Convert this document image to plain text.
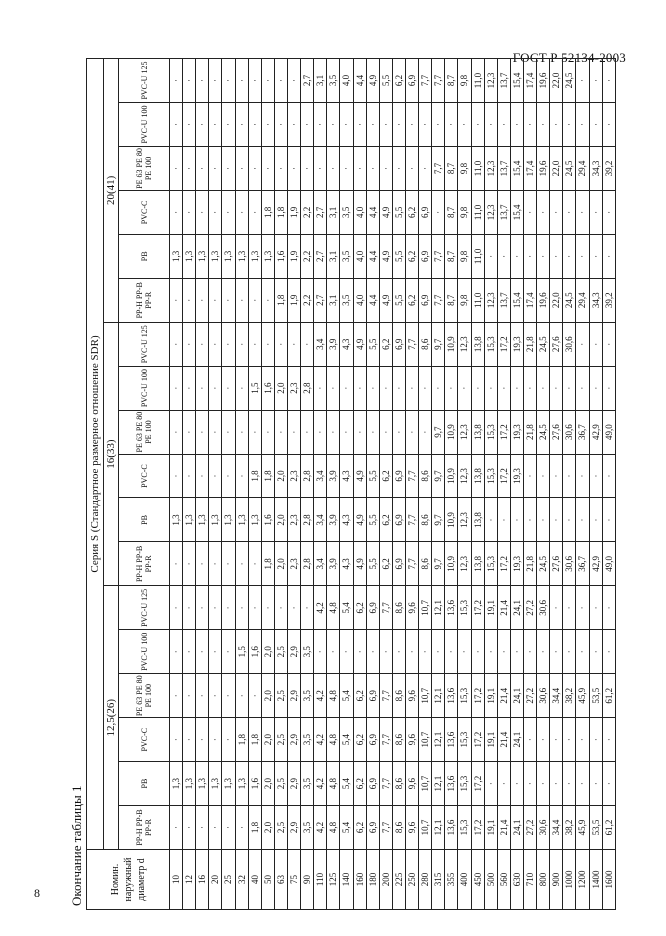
ГОСТ Р 52134-2003
Окончание таблицы 1	Номин. наружный диаметр d	Серия S (Стандартное размерное отношение SDR)																	
	12,5(26)						16(33)						20(41)					
	PP-H PP-B PP-R	PB	PVC-C	PE 63 PE 80 PE 100	PVC-U 100	PVC-U 125	PP-H PP-B PP-R	PB	PVC-C	PE 63 PE 80 PE 100	PVC-U 100	PVC-U 125	PP-H PP-B PP-R	PB	PVC-C	PE 63 PE 80 PE 100	PVC-U 100	PVC-U 125
10	·	1,3	·	·	·	·	·	1,3	·	·	·	·	·	1,3	·	·	·	·
12	·	1,3	·	·	·	·	·	1,3	·	·	·	·	·	1,3	·	·	·	·
16	·	1,3	·	·	·	·	·	1,3	·	·	·	·	·	1,3	·	·	·	·
20	·	1,3	·	·	·	·	·	1,3	·	·	·	·	·	1,3	·	·	·	·
25	·	1,3	·	·	·	·	·	1,3	·	·	·	·	·	1,3	·	·	·	·
32	·	1,3	1,8	·	1,5	·	·	1,3	·	·	·	·	·	1,3	·	·	·	·
40	1,8	1,6	1,8	·	1,6	·	·	1,3	1,8	·	1,5	·	·	1,3	·	·	·	·
50	2,0	2,0	2,0	2,0	2,0	·	1,8	1,6	1,8	·	1,6	·	·	1,3	1,8	·	·	·
63	2,5	2,5	2,5	2,5	2,5	·	2,0	2,0	2,0	·	2,0	·	1,8	1,6	1,8	·	·	·
75	2,9	2,9	2,9	2,9	2,9	·	2,3	2,3	2,3	·	2,3	·	1,9	1,9	1,9	·	·	·
90	3,5	3,5	3,5	3,5	3,5	·	2,8	2,8	2,8	·	2,8	·	2,2	2,2	2,2	·	·	2,7
110	4,2	4,2	4,2	4,2	·	4,2	3,4	3,4	3,4	·	·	3,4	2,7	2,7	2,7	·	·	3,1
125	4,8	4,8	4,8	4,8	·	4,8	3,9	3,9	3,9	·	·	3,9	3,1	3,1	3,1	·	·	3,5
140	5,4	5,4	5,4	5,4	·	5,4	4,3	4,3	4,3	·	·	4,3	3,5	3,5	3,5	·	·	4,0
160	6,2	6,2	6,2	6,2	·	6,2	4,9	4,9	4,9	·	·	4,9	4,0	4,0	4,0	·	·	4,4
180	6,9	6,9	6,9	6,9	·	6,9	5,5	5,5	5,5	·	·	5,5	4,4	4,4	4,4	·	·	4,9
200	7,7	7,7	7,7	7,7	·	7,7	6,2	6,2	6,2	·	·	6,2	4,9	4,9	4,9	·	·	5,5
225	8,6	8,6	8,6	8,6	·	8,6	6,9	6,9	6,9	·	·	6,9	5,5	5,5	5,5	·	·	6,2
250	9,6	9,6	9,6	9,6	·	9,6	7,7	7,7	7,7	·	·	7,7	6,2	6,2	6,2	·	·	6,9
280	10,7	10,7	10,7	10,7	·	10,7	8,6	8,6	8,6	·	·	8,6	6,9	6,9	6,9	·	·	7,7
315	12,1	12,1	12,1	12,1	·	12,1	9,7	9,7	9,7	9,7	·	9,7	7,7	7,7	·	7,7	·	7,7
355	13,6	13,6	13,6	13,6	·	13,6	10,9	10,9	10,9	10,9	·	10,9	8,7	8,7	8,7	8,7	·	8,7
400	15,3	15,3	15,3	15,3	·	15,3	12,3	12,3	12,3	12,3	·	12,3	9,8	9,8	9,8	9,8	·	9,8
450	17,2	17,2	17,2	17,2	·	17,2	13,8	13,8	13,8	13,8	·	13,8	11,0	11,0	11,0	11,0	·	11,0
500	19,1	·	19,1	19,1	·	19,1	15,3	·	15,3	15,3	·	15,3	12,3	·	12,3	12,3	·	12,3
560	21,4	·	21,4	21,4	·	21,4	17,2	·	17,2	17,2	·	17,2	13,7	·	13,7	13,7	·	13,7
630	24,1	·	24,1	24,1	·	24,1	19,3	·	19,3	19,3	·	19,3	15,4	·	15,4	15,4	·	15,4
710	27,2	·	·	27,2	·	27,2	21,8	·	·	21,8	·	21,8	17,4	·	·	17,4	·	17,4
800	30,6	·	·	30,6	·	30,6	24,5	·	·	24,5	·	24,5	19,6	·	·	19,6	·	19,6
900	34,4	·	·	34,4	·	·	27,6	·	·	27,6	·	27,6	22,0	·	·	22,0	·	22,0
1000	38,2	·	·	38,2	·	·	30,6	·	·	30,6	·	30,6	24,5	·	·	24,5	·	24,5
1200	45,9	·	·	45,9	·	·	36,7	·	·	36,7	·	·	29,4	·	·	29,4	·	·
1400	53,5	·	·	53,5	·	·	42,9	·	·	42,9	·	·	34,3	·	·	34,3	·	·
1600	61,2	·	·	61,2	·	·	49,0	·	·	49,0	·	·	39,2	·	·	39,2	·	·
8
